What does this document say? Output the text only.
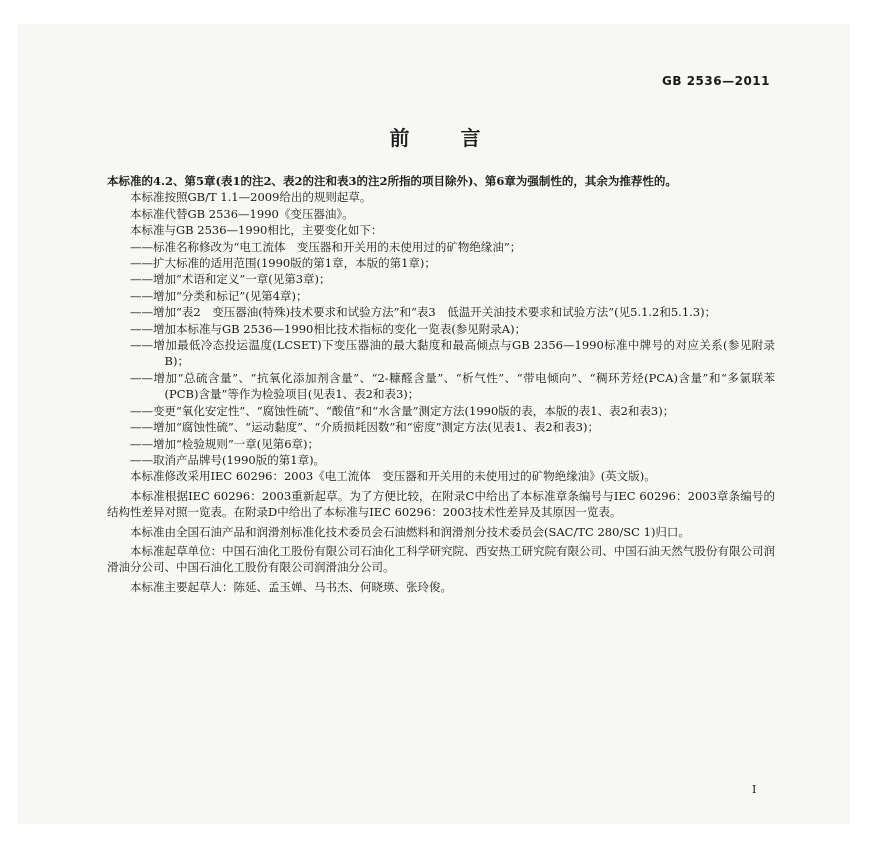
GB 2536—2011
前 言

本标准的4.2、第5章(表1的注2、表2的注和表3的注2所指的项目除外)、第6章为强制性的，其余为推荐性的。

本标准按照GB/T 1.1—2009给出的规则起草。

本标准代替GB 2536—1990《变压器油》。

本标准与GB 2536—1990相比，主要变化如下：

——标准名称修改为“电工流体　变压器和开关用的未使用过的矿物绝缘油”；

——扩大标准的适用范围(1990版的第1章，本版的第1章)；

——增加“术语和定义”一章(见第3章)；

——增加“分类和标记”(见第4章)；

——增加“表2　变压器油(特殊)技术要求和试验方法”和“表3　低温开关油技术要求和试验方法”(见5.1.2和5.1.3)；

——增加本标准与GB 2536—1990相比技术指标的变化一览表(参见附录A)；

——增加最低冷态投运温度(LCSET)下变压器油的最大黏度和最高倾点与GB 2356—1990标准中牌号的对应关系(参见附录B)；

——增加“总硫含量”、“抗氧化添加剂含量”、“2-糠醛含量”、“析气性”、“带电倾向”、“稠环芳烃(PCA)含量”和“多氯联苯(PCB)含量”等作为检验项目(见表1、表2和表3)；

——变更“氧化安定性”、“腐蚀性硫”、“酸值”和“水含量”测定方法(1990版的表，本版的表1、表2和表3)；

——增加“腐蚀性硫”、“运动黏度”、“介质损耗因数”和“密度”测定方法(见表1、表2和表3)；

——增加“检验规则”一章(见第6章)；

——取消产品牌号(1990版的第1章)。

本标准修改采用IEC 60296：2003《电工流体　变压器和开关用的未使用过的矿物绝缘油》(英文版)。

本标准根据IEC 60296：2003重新起草。为了方便比较，在附录C中给出了本标准章条编号与IEC 60296：2003章条编号的结构性差异对照一览表。在附录D中给出了本标准与IEC 60296：2003技术性差异及其原因一览表。

本标准由全国石油产品和润滑剂标准化技术委员会石油燃料和润滑剂分技术委员会(SAC/TC 280/SC 1)归口。

本标准起草单位：中国石油化工股份有限公司石油化工科学研究院、西安热工研究院有限公司、中国石油天然气股份有限公司润滑油分公司、中国石油化工股份有限公司润滑油分公司。

本标准主要起草人：陈延、孟玉婵、马书杰、何晓瑛、张玲俊。

I
